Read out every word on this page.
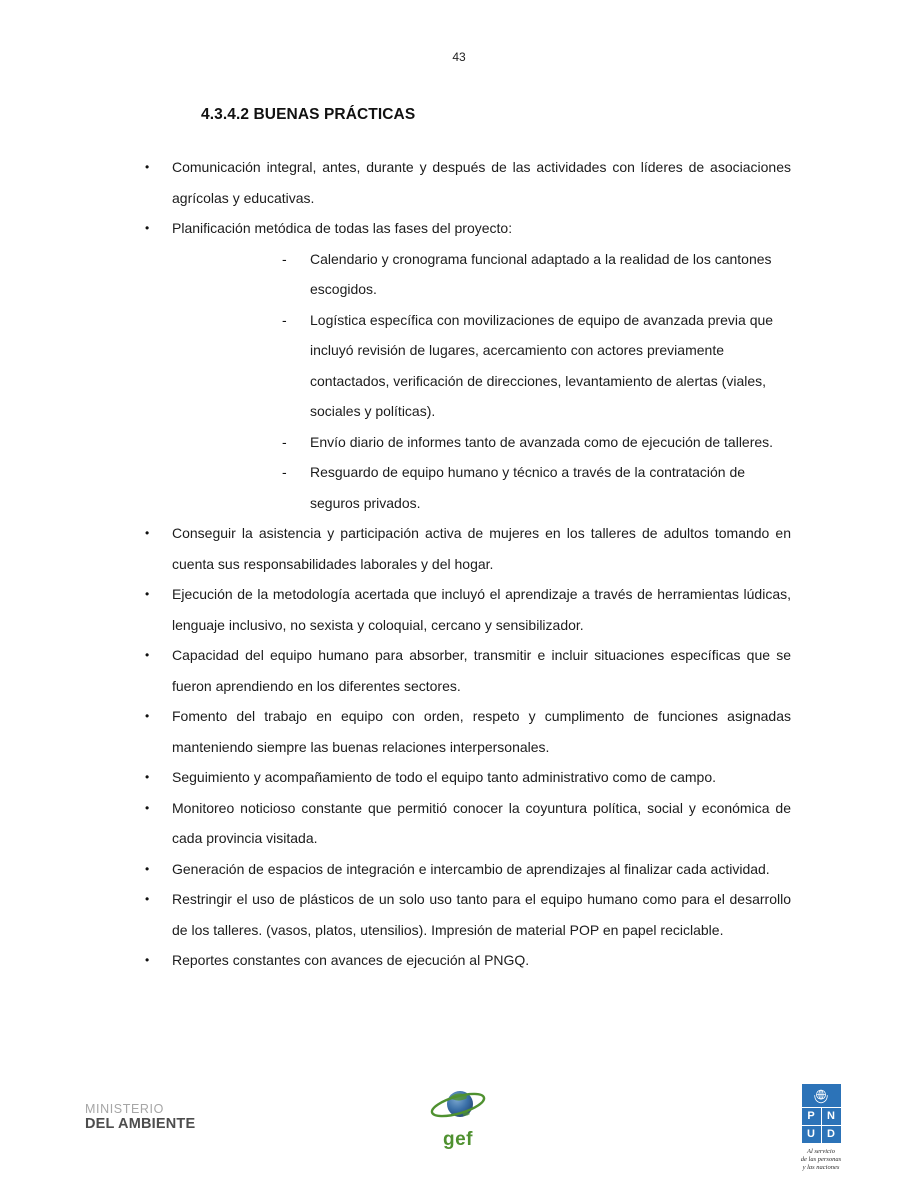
43
4.3.4.2 BUENAS PRÁCTICAS
•	Comunicación integral, antes, durante y después de las actividades con líderes de asociaciones agrícolas y educativas.
•	Planificación metódica de todas las fases del proyecto:
-	Calendario y cronograma funcional adaptado a la realidad de los cantones escogidos.
-	Logística específica con movilizaciones de equipo de avanzada previa que incluyó revisión de lugares, acercamiento con actores previamente contactados, verificación de direcciones, levantamiento de alertas (viales, sociales y políticas).
-	Envío diario de informes tanto de avanzada como de ejecución de talleres.
-	Resguardo de equipo humano y técnico a través de la contratación de seguros privados.
•	Conseguir la asistencia y participación activa de mujeres en los talleres de adultos tomando en cuenta sus responsabilidades laborales y del hogar.
•	Ejecución de la metodología acertada que incluyó el aprendizaje a través de herramientas lúdicas, lenguaje inclusivo, no sexista y coloquial, cercano y sensibilizador.
•	Capacidad del equipo humano para absorber, transmitir e incluir situaciones específicas que se fueron aprendiendo en los diferentes sectores.
•	Fomento del trabajo en equipo con orden, respeto y cumplimento de funciones asignadas manteniendo siempre las buenas relaciones interpersonales.
•	Seguimiento y acompañamiento de todo el equipo tanto administrativo como de campo.
•	Monitoreo noticioso constante que permitió conocer la coyuntura política, social y económica de cada provincia visitada.
•	Generación de espacios de integración e intercambio de aprendizajes al finalizar cada actividad.
•	Restringir el uso de plásticos de un solo uso tanto para el equipo humano como para el desarrollo de los talleres. (vasos, platos, utensilios). Impresión de material POP en papel reciclable.
•	Reportes constantes con avances de ejecución al PNGQ.
MINISTERIO
DEL AMBIENTE
gef
P	N
U	D
Al servicio
de las personas
y las naciones
